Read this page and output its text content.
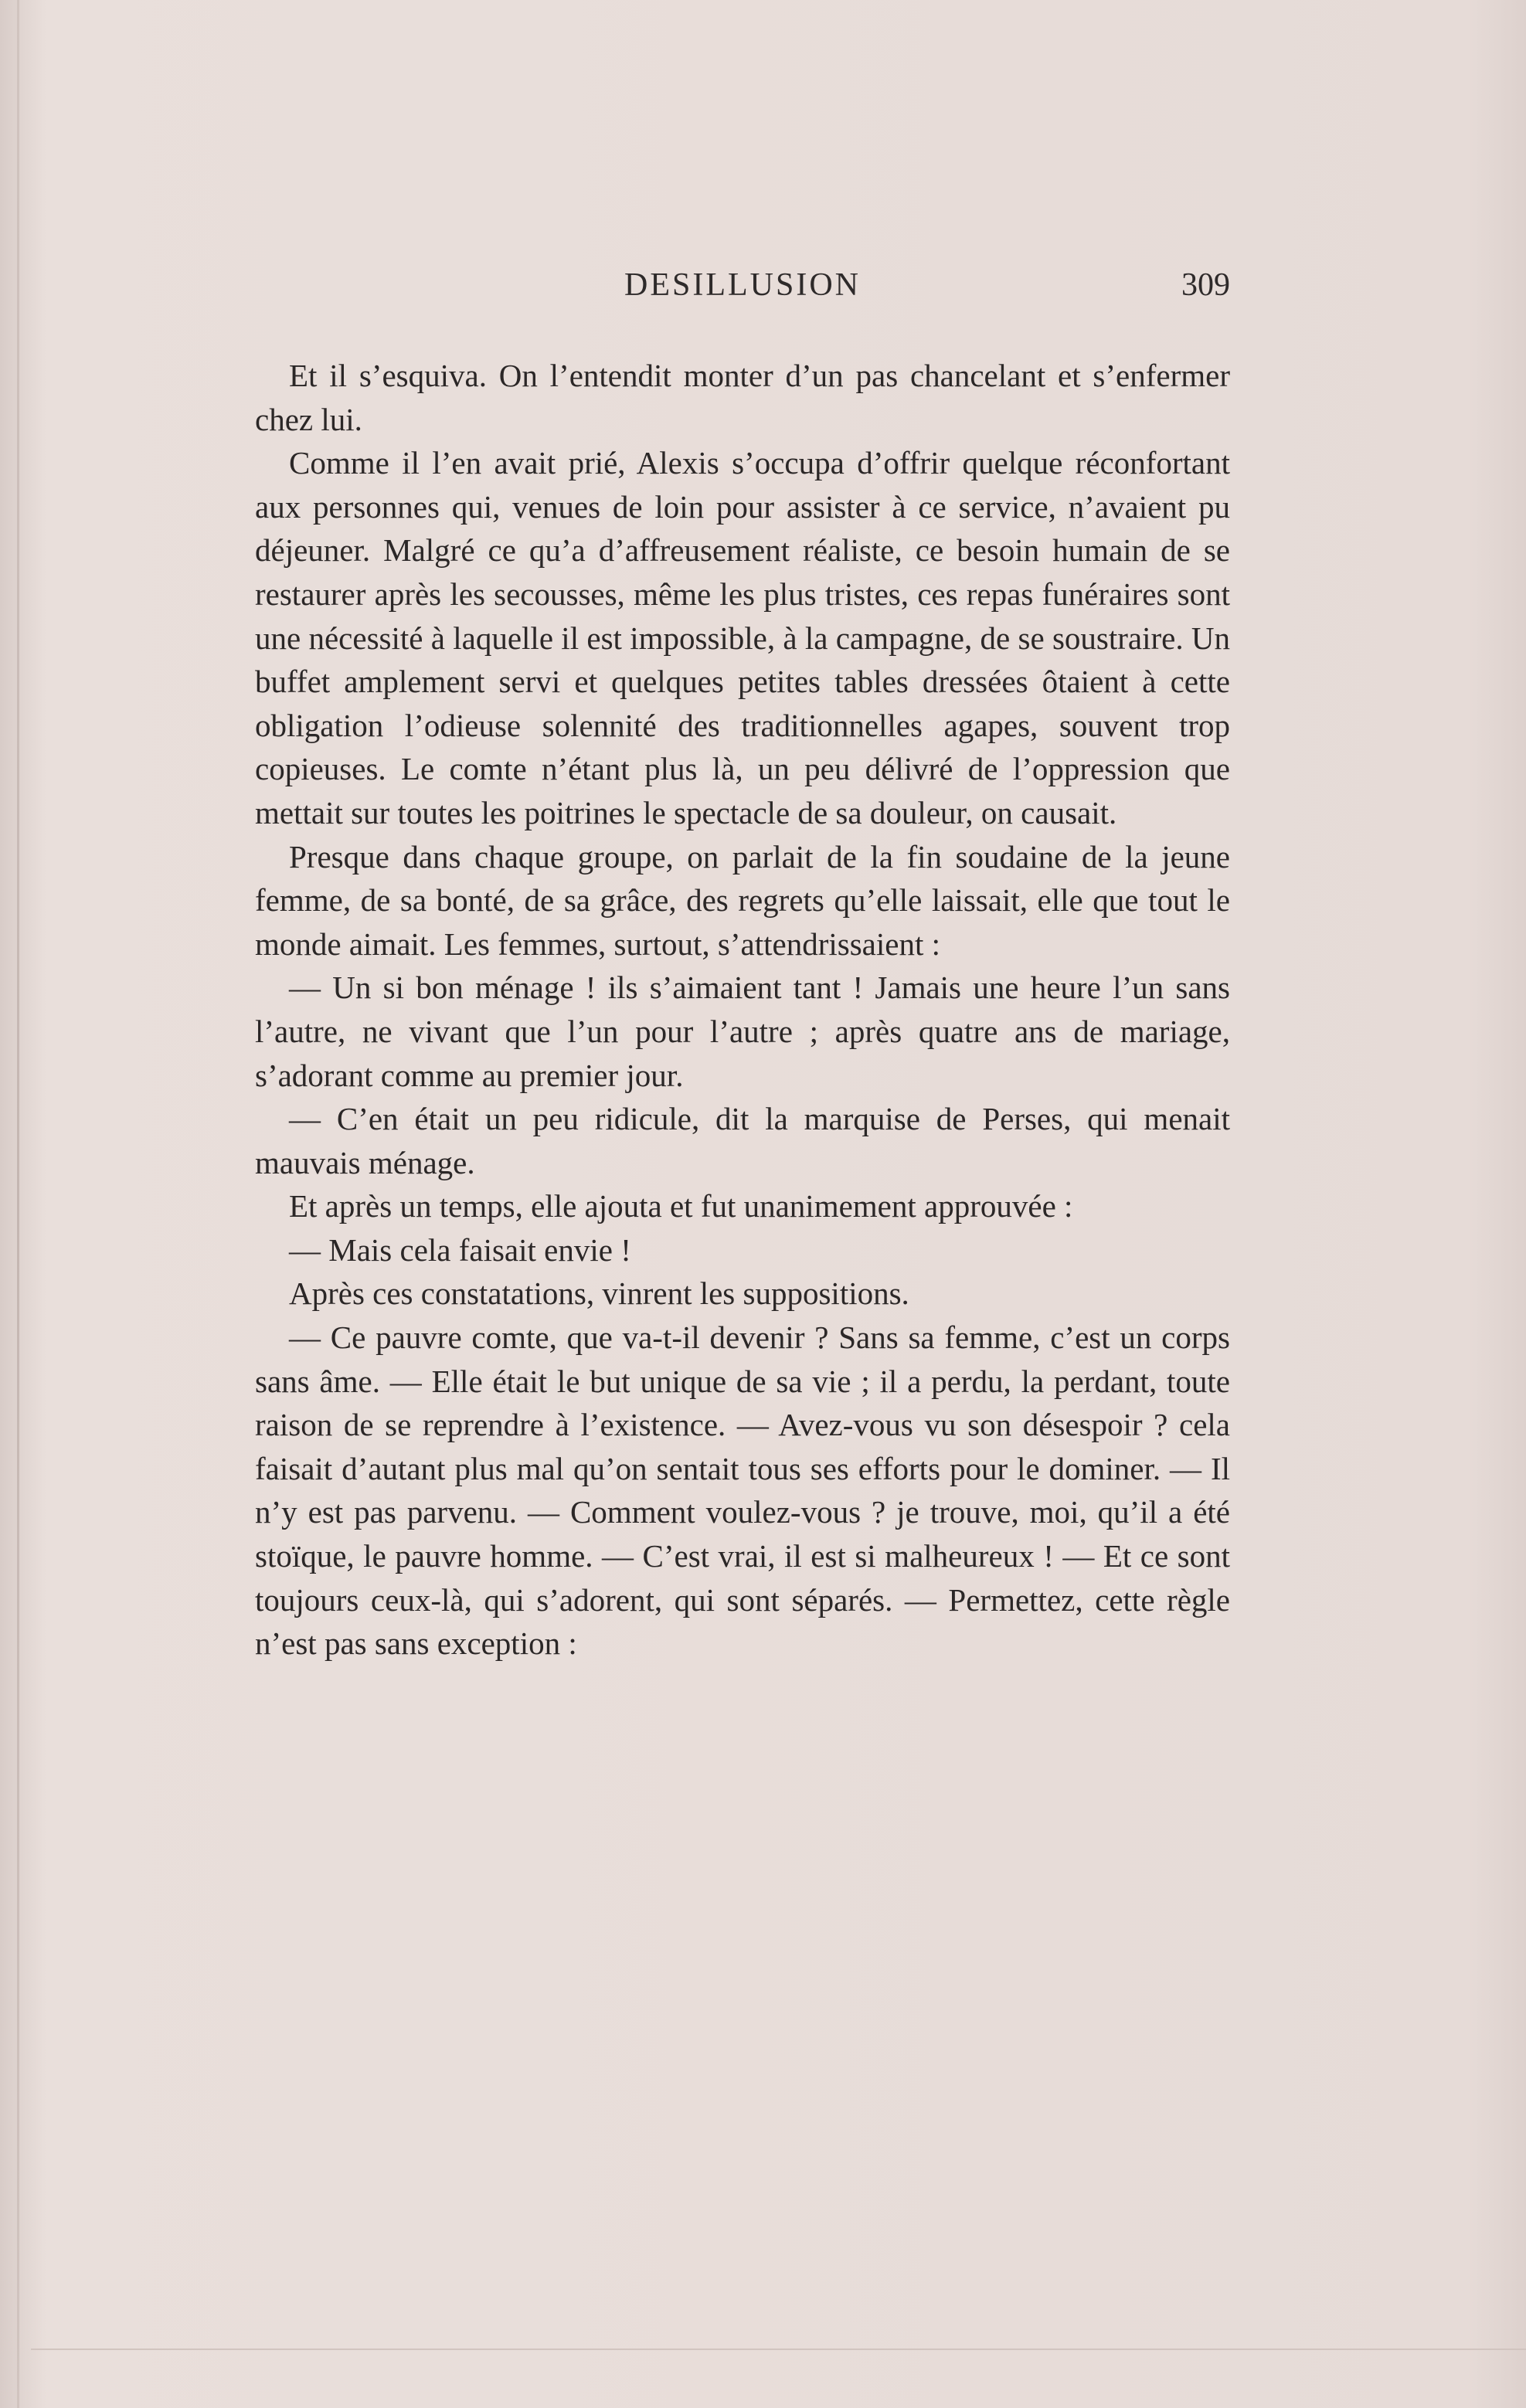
DESILLUSION	309

Et il s’esquiva. On l’entendit monter d’un pas chancelant et s’enfermer chez lui.

Comme il l’en avait prié, Alexis s’occupa d’offrir quelque réconfortant aux personnes qui, venues de loin pour assister à ce service, n’avaient pu déjeuner. Malgré ce qu’a d’affreusement réaliste, ce besoin humain de se restaurer après les secousses, même les plus tristes, ces repas funéraires sont une nécessité à laquelle il est impossible, à la campagne, de se soustraire. Un buffet amplement servi et quelques petites tables dressées ôtaient à cette obligation l’odieuse solennité des traditionnelles agapes, souvent trop copieuses. Le comte n’étant plus là, un peu délivré de l’oppression que mettait sur toutes les poitrines le spectacle de sa douleur, on causait.

Presque dans chaque groupe, on parlait de la fin soudaine de la jeune femme, de sa bonté, de sa grâce, des regrets qu’elle laissait, elle que tout le monde aimait. Les femmes, surtout, s’attendrissaient :

— Un si bon ménage ! ils s’aimaient tant ! Jamais une heure l’un sans l’autre, ne vivant que l’un pour l’autre ; après quatre ans de mariage, s’adorant comme au premier jour.

— C’en était un peu ridicule, dit la marquise de Perses, qui menait mauvais ménage.

Et après un temps, elle ajouta et fut unanimement approuvée :

— Mais cela faisait envie !

Après ces constatations, vinrent les suppositions.

— Ce pauvre comte, que va-t-il devenir ? Sans sa femme, c’est un corps sans âme. — Elle était le but unique de sa vie ; il a perdu, la perdant, toute raison de se reprendre à l’existence. — Avez-vous vu son désespoir ? cela faisait d’autant plus mal qu’on sentait tous ses efforts pour le dominer. — Il n’y est pas parvenu. — Comment voulez-vous ? je trouve, moi, qu’il a été stoïque, le pauvre homme. — C’est vrai, il est si malheureux ! — Et ce sont toujours ceux-là, qui s’adorent, qui sont séparés. — Permettez, cette règle n’est pas sans exception :
